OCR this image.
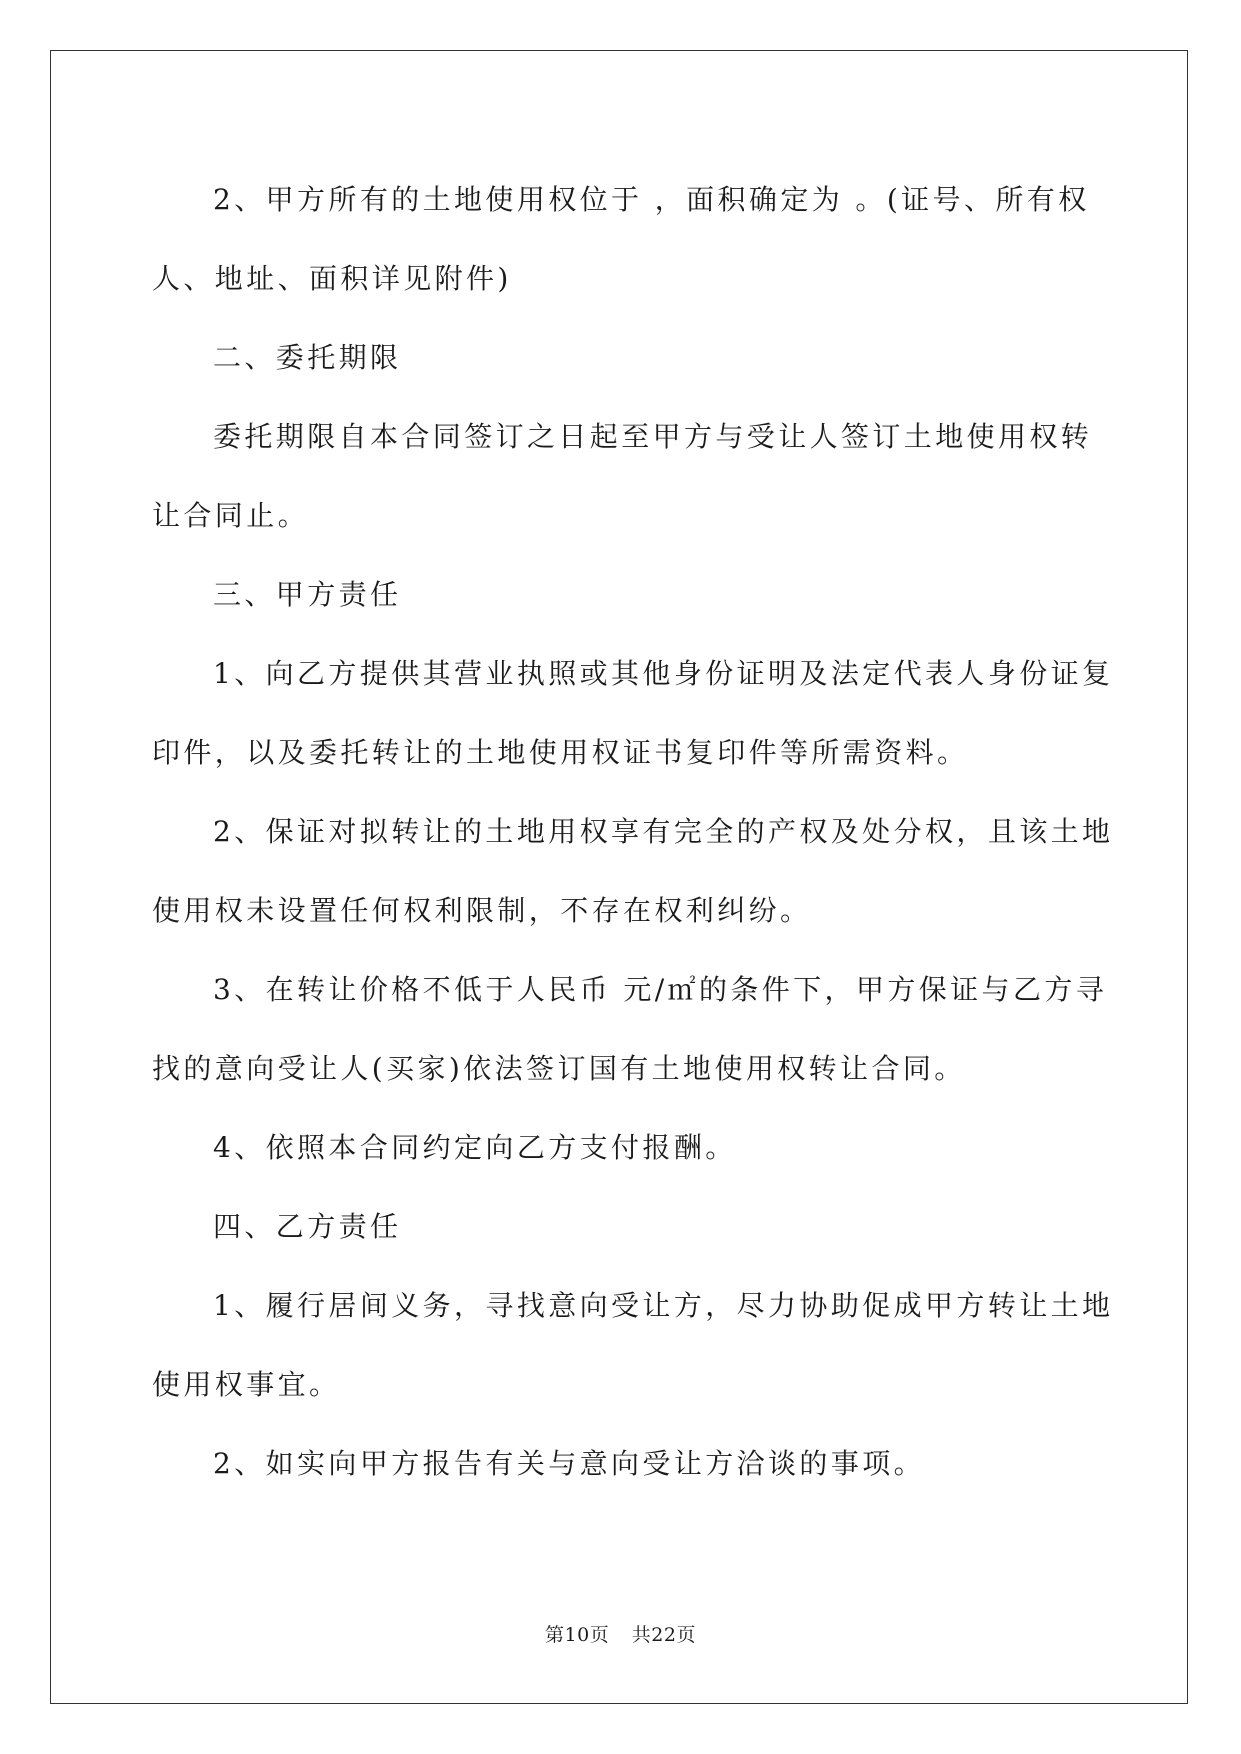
2、甲方所有的土地使用权位于 ，面积确定为 。(证号、所有权
人、地址、面积详见附件)

二、委托期限

委托期限自本合同签订之日起至甲方与受让人签订土地使用权转
让合同止。

三、甲方责任

1、向乙方提供其营业执照或其他身份证明及法定代表人身份证复
印件，以及委托转让的土地使用权证书复印件等所需资料。

2、保证对拟转让的土地用权享有完全的产权及处分权，且该土地
使用权未设置任何权利限制，不存在权利纠纷。

3、在转让价格不低于人民币 元/㎡的条件下，甲方保证与乙方寻
找的意向受让人(买家)依法签订国有土地使用权转让合同。

4、依照本合同约定向乙方支付报酬。

四、乙方责任

1、履行居间义务，寻找意向受让方，尽力协助促成甲方转让土地
使用权事宜。

2、如实向甲方报告有关与意向受让方洽谈的事项。

第10页 共22页
